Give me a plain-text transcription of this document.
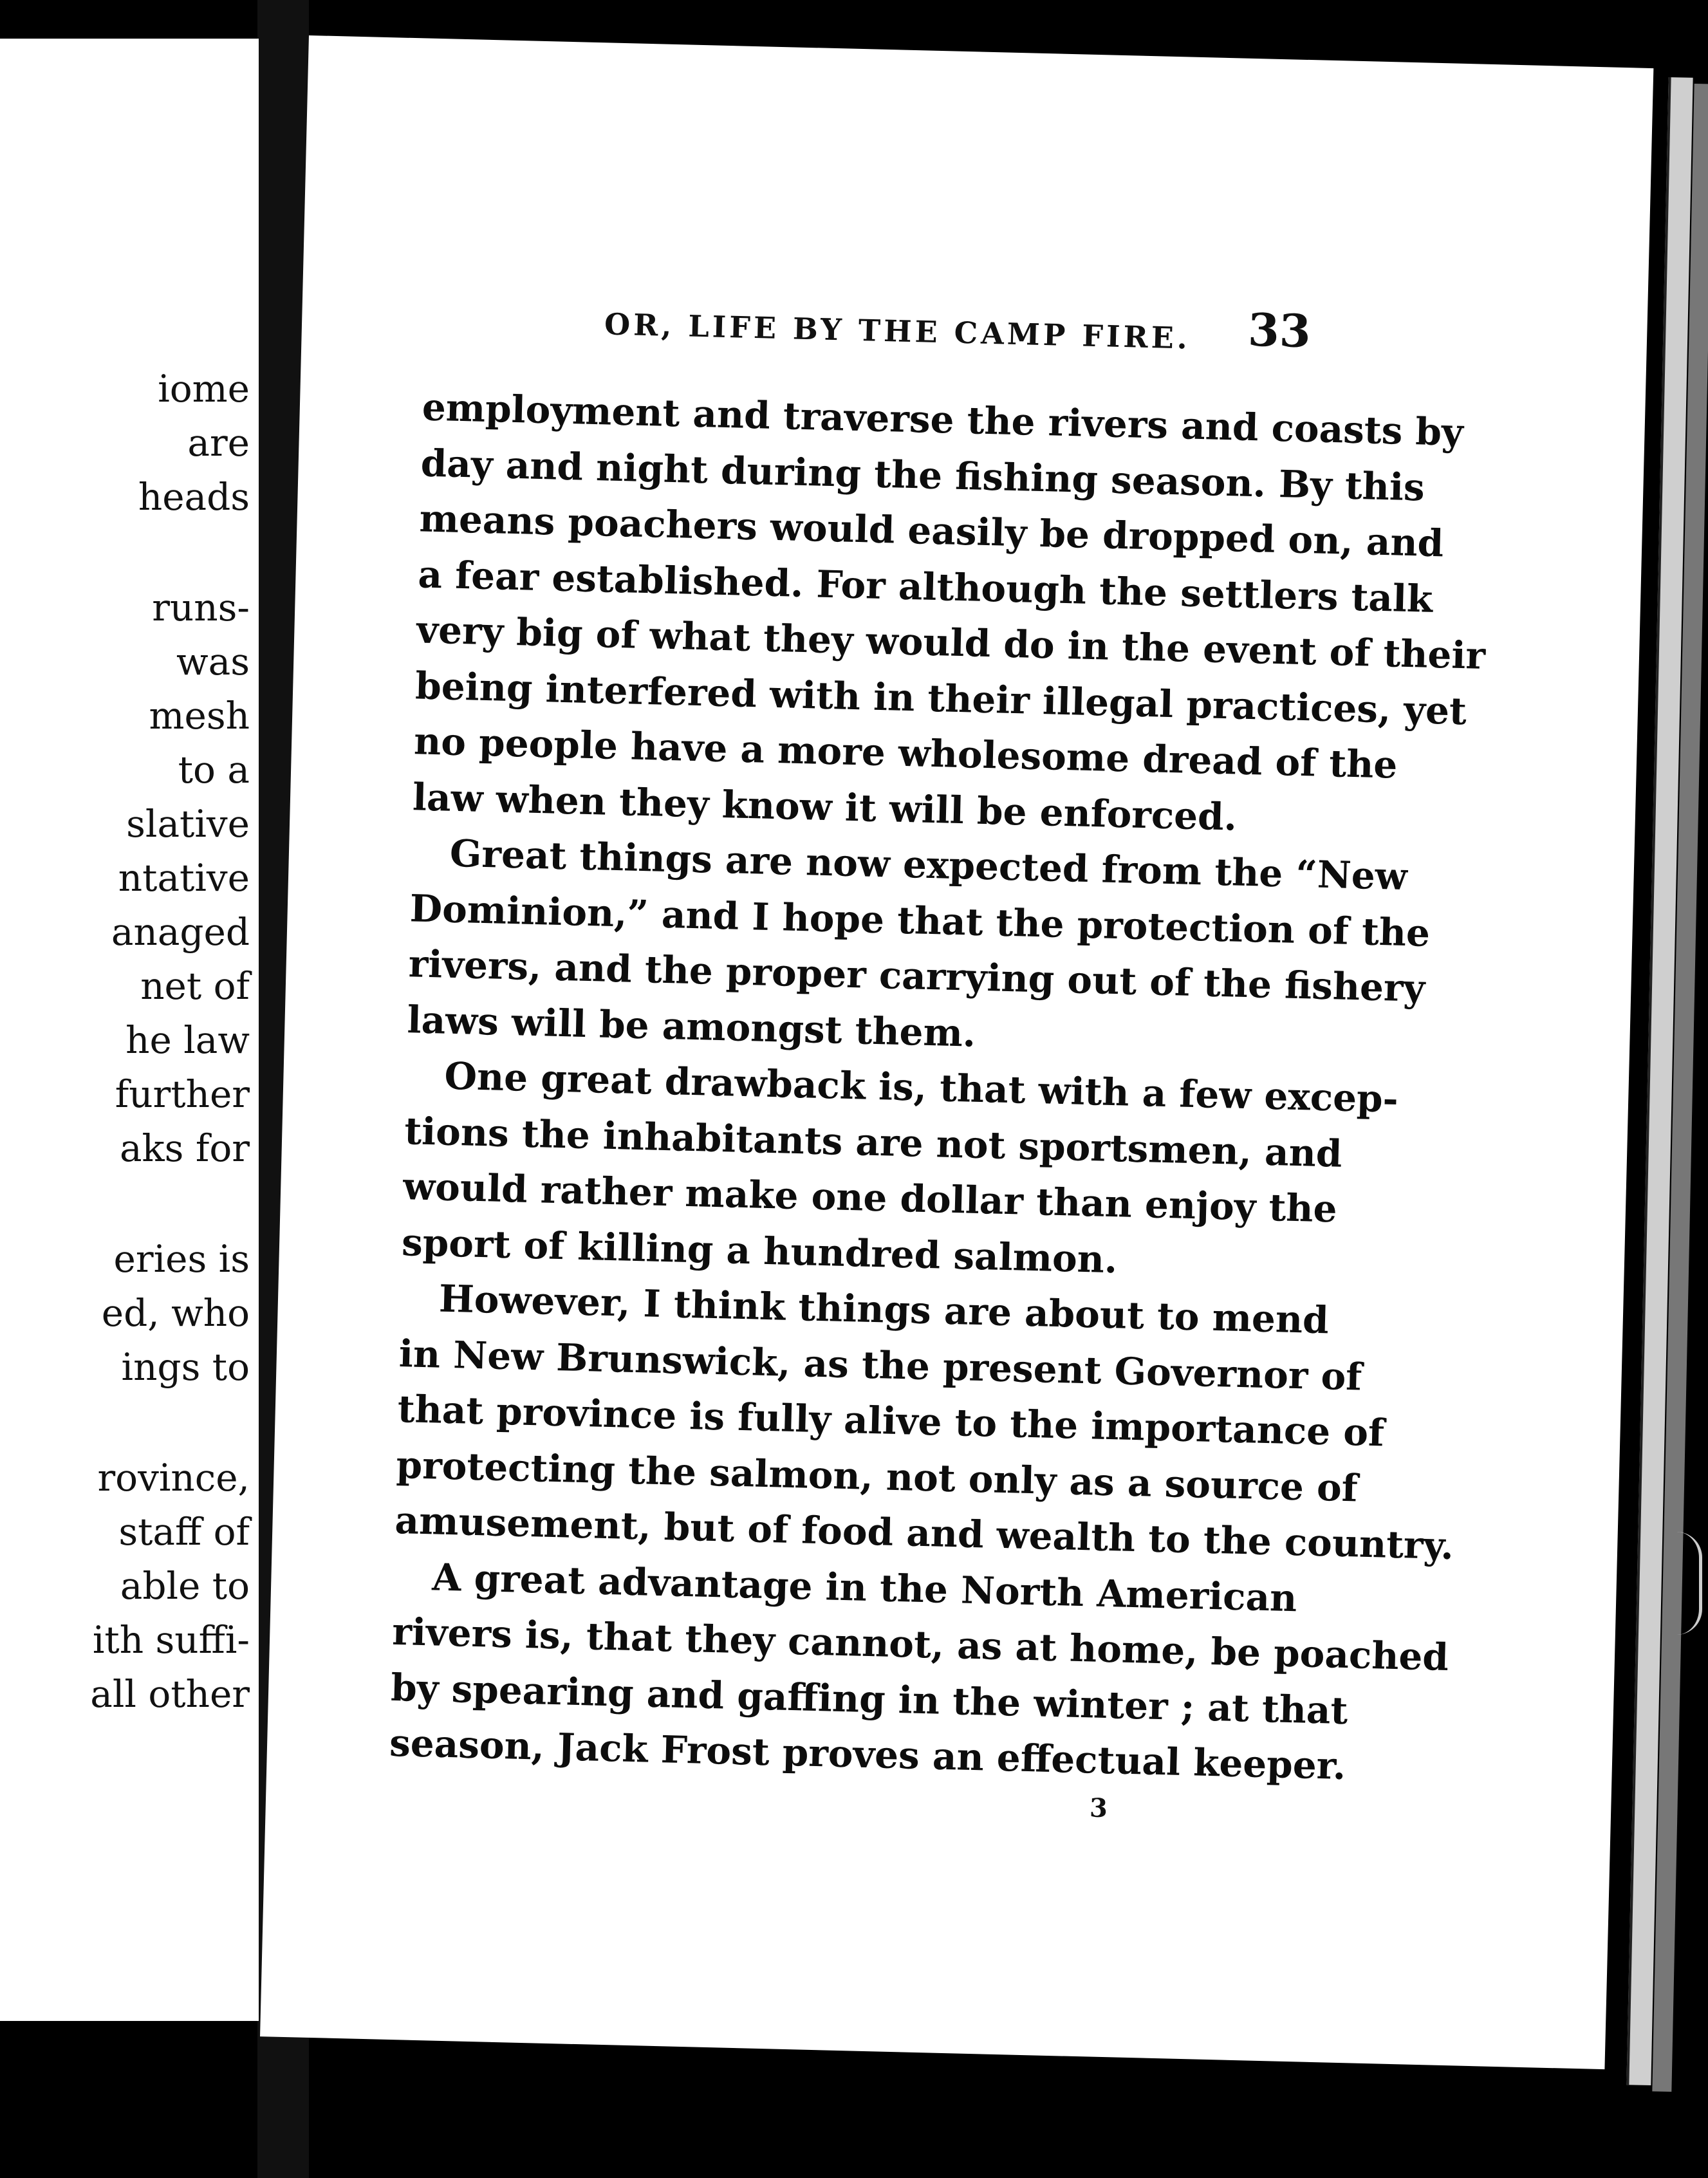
iome
are
heads
runs-
was
mesh
to a
slative
ntative
anaged
net of
he law
further
aks for
eries is
ed, who
ings to
rovince,
staff of
able to
ith suffi-
all other
OR, LIFE BY THE CAMP FIRE. 33
employment and traverse the rivers and coasts by
day and night during the fishing season. By this
means poachers would easily be dropped on, and
a fear established. For although the settlers talk
very big of what they would do in the event of their
being interfered with in their illegal practices, yet
no people have a more wholesome dread of the
law when they know it will be enforced.
Great things are now expected from the “New
Dominion,” and I hope that the protection of the
rivers, and the proper carrying out of the fishery
laws will be amongst them.
One great drawback is, that with a few excep-
tions the inhabitants are not sportsmen, and
would rather make one dollar than enjoy the
sport of killing a hundred salmon.
However, I think things are about to mend
in New Brunswick, as the present Governor of
that province is fully alive to the importance of
protecting the salmon, not only as a source of
amusement, but of food and wealth to the country.
A great advantage in the North American
rivers is, that they cannot, as at home, be poached
by spearing and gaffing in the winter ; at that
season, Jack Frost proves an effectual keeper.
3
